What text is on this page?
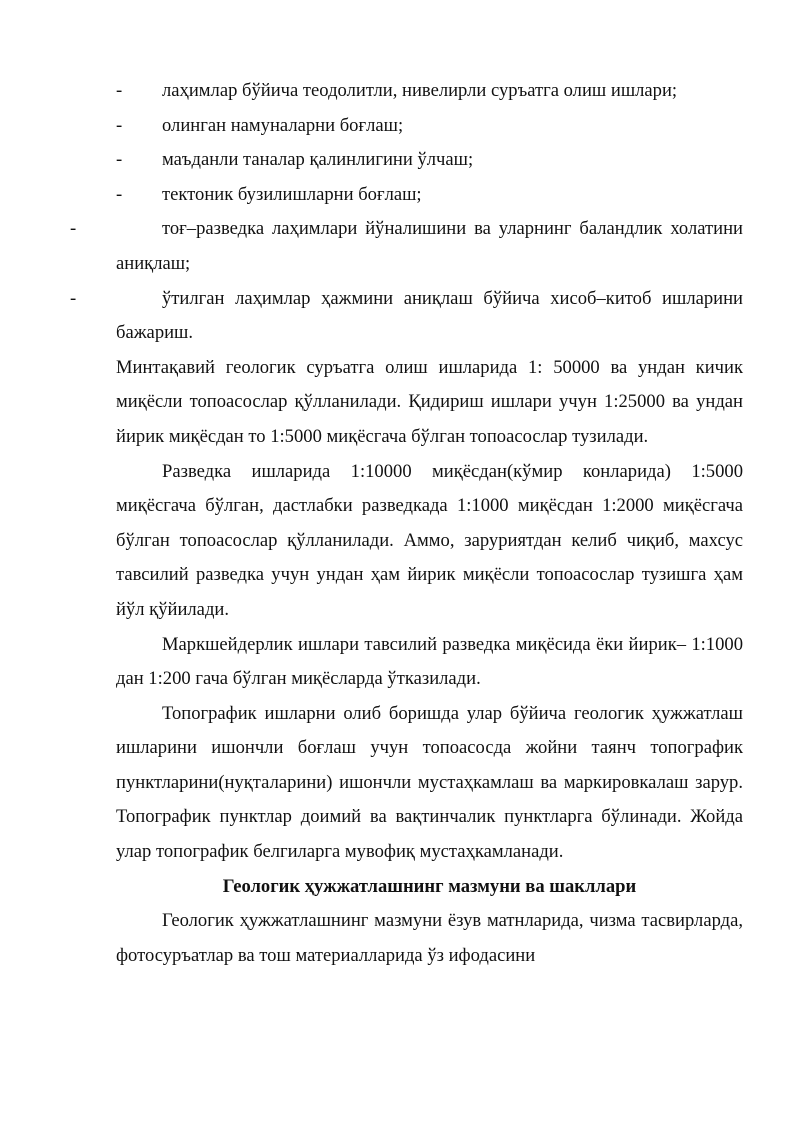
- лаҳимлар бўйича теодолитли, нивелирли суръатга олиш ишлари;
- олинган намуналарни боғлаш;
- маъданли таналар қалинлигини ўлчаш;
- тектоник бузилишларни боғлаш;
-	тоғ–разведка лаҳимлари йўналишини ва уларнинг баландлик холатини аниқлаш;
-	ўтилган лаҳимлар ҳажмини аниқлаш бўйича хисоб–китоб ишларини бажариш.

Минтақавий геологик суръатга олиш ишларида 1: 50000 ва ундан кичик миқёсли топоасослар қўлланилади. Қидириш ишлари учун 1:25000 ва ундан йирик миқёсдан то 1:5000 миқёсгача бўлган топоасослар тузилади.

Разведка ишларида 1:10000 миқёсдан(кўмир конларида) 1:5000 миқёсгача бўлган, дастлабки разведкада 1:1000 миқёсдан 1:2000 миқёсгача бўлган топоасослар қўлланилади. Аммо, заруриятдан келиб чиқиб, махсус тавсилий разведка учун ундан ҳам йирик миқёсли топоасослар тузишга ҳам йўл қўйилади.

Маркшейдерлик ишлари тавсилий разведка миқёсида ёки йирик– 1:1000 дан 1:200 гача бўлган миқёсларда ўтказилади.

Топографик ишларни олиб боришда улар бўйича геологик ҳужжатлаш ишларини ишончли боғлаш учун топоасосда жойни таянч топографик пунктларини(нуқталарини) ишончли мустаҳкамлаш ва маркировкалаш зарур. Топографик пунктлар доимий ва вақтинчалик пунктларга бўлинади. Жойда улар топографик белгиларга мувофиқ мустаҳкамланади.

Геологик ҳужжатлашнинг мазмуни ва шакллари

Геологик ҳужжатлашнинг мазмуни ёзув матнларида, чизма тасвирларда, фотосуръатлар ва тош материалларида ўз ифодасини
